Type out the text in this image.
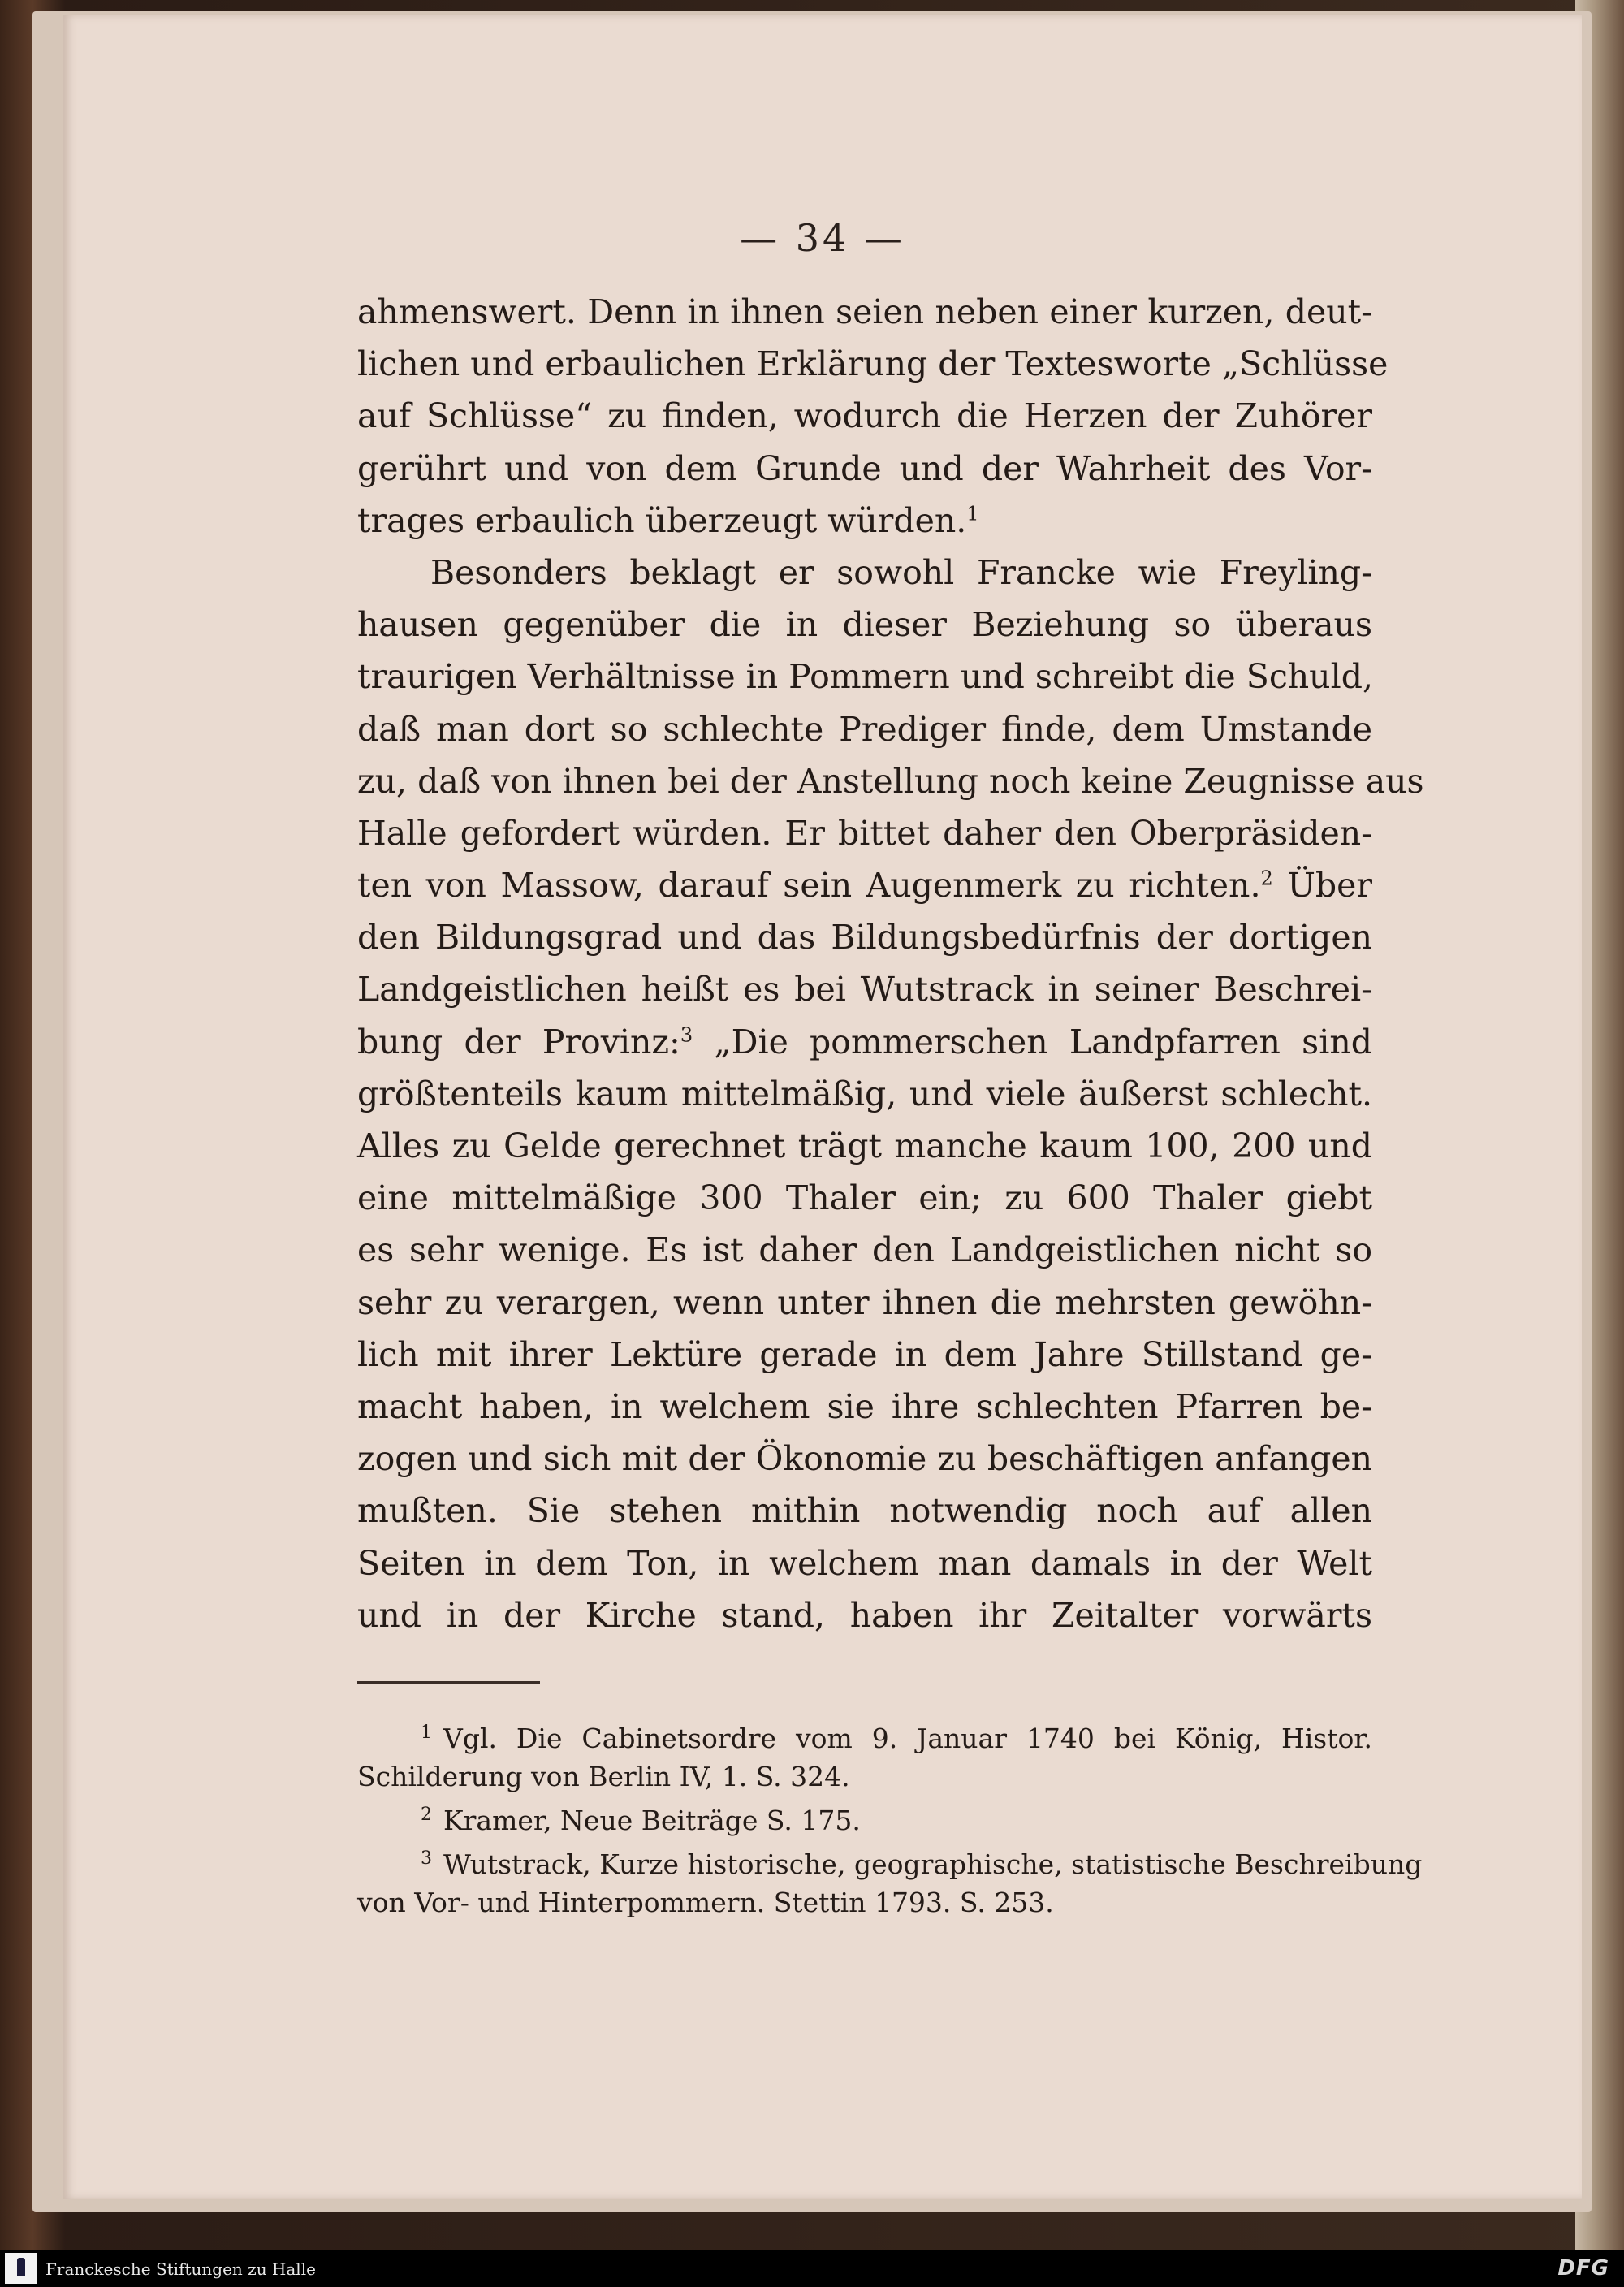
— 34 —
ahmenswert. Denn in ihnen seien neben einer kurzen, deut-
lichen und erbaulichen Erklärung der Textesworte „Schlüsse
auf Schlüsse“ zu finden, wodurch die Herzen der Zuhörer
gerührt und von dem Grunde und der Wahrheit des Vor-
trages erbaulich überzeugt würden.$^1$
Besonders beklagt er sowohl Francke wie Freyling-
hausen gegenüber die in dieser Beziehung so überaus
traurigen Verhältnisse in Pommern und schreibt die Schuld,
daß man dort so schlechte Prediger finde, dem Umstande
zu, daß von ihnen bei der Anstellung noch keine Zeugnisse aus
Halle gefordert würden. Er bittet daher den Oberpräsiden-
ten von Massow, darauf sein Augenmerk zu richten.$^2$ Über
den Bildungsgrad und das Bildungsbedürfnis der dortigen
Landgeistlichen heißt es bei Wutstrack in seiner Beschrei-
bung der Provinz:$^3$ „Die pommerschen Landpfarren sind
größtenteils kaum mittelmäßig, und viele äußerst schlecht.
Alles zu Gelde gerechnet trägt manche kaum 100, 200 und
eine mittelmäßige 300 Thaler ein; zu 600 Thaler giebt
es sehr wenige. Es ist daher den Landgeistlichen nicht so
sehr zu verargen, wenn unter ihnen die mehrsten gewöhn-
lich mit ihrer Lektüre gerade in dem Jahre Stillstand ge-
macht haben, in welchem sie ihre schlechten Pfarren be-
zogen und sich mit der Ökonomie zu beschäftigen anfangen
mußten. Sie stehen mithin notwendig noch auf allen
Seiten in dem Ton, in welchem man damals in der Welt
und in der Kirche stand, haben ihr Zeitalter vorwärts
$^1$ Vgl. Die Cabinetsordre vom 9. Januar 1740 bei König, Histor.
Schilderung von Berlin IV, 1. S. 324.
$^2$ Kramer, Neue Beiträge S. 175.
$^3$ Wutstrack, Kurze historische, geographische, statistische Beschreibung
von Vor- und Hinterpommern. Stettin 1793. S. 253.
Franckesche Stiftungen zu Halle	DFG
